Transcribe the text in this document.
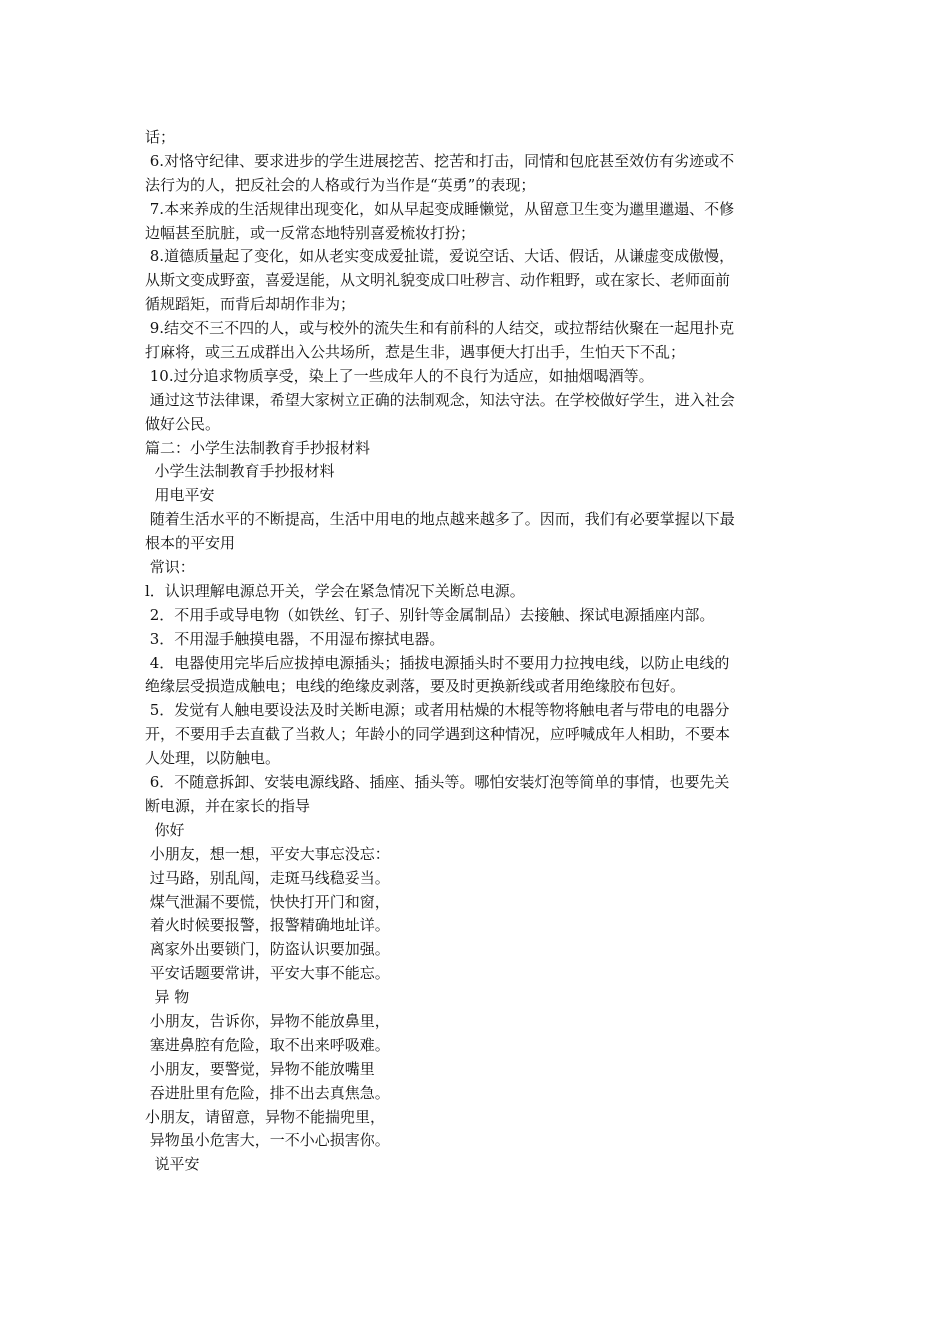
话；

6.对恪守纪律、要求进步的学生进展挖苦、挖苦和打击，同情和包庇甚至效仿有劣迹或不

法行为的人，把反社会的人格或行为当作是“英勇”的表现；

7.本来养成的生活规律出现变化，如从早起变成睡懒觉，从留意卫生变为邋里邋遢、不修

边幅甚至肮脏，或一反常态地特别喜爱梳妆打扮；

8.道德质量起了变化，如从老实变成爱扯谎，爱说空话、大话、假话，从谦虚变成傲慢，

从斯文变成野蛮，喜爱逞能，从文明礼貌变成口吐秽言、动作粗野，或在家长、老师面前

循规蹈矩，而背后却胡作非为；

9.结交不三不四的人，或与校外的流失生和有前科的人结交，或拉帮结伙聚在一起甩扑克

打麻将，或三五成群出入公共场所，惹是生非，遇事便大打出手，生怕天下不乱；

10.过分追求物质享受，染上了一些成年人的不良行为适应，如抽烟喝酒等。

通过这节法律课，希望大家树立正确的法制观念，知法守法。在学校做好学生，进入社会

做好公民。

篇二：小学生法制教育手抄报材料

小学生法制教育手抄报材料

用电平安

随着生活水平的不断提高，生活中用电的地点越来越多了。因而，我们有必要掌握以下最

根本的平安用

常识：

l．认识理解电源总开关，学会在紧急情况下关断总电源。

2．不用手或导电物（如铁丝、钉子、别针等金属制品）去接触、探试电源插座内部。

3．不用湿手触摸电器，不用湿布擦拭电器。

4．电器使用完毕后应拔掉电源插头；插拔电源插头时不要用力拉拽电线，以防止电线的

绝缘层受损造成触电；电线的绝缘皮剥落，要及时更换新线或者用绝缘胶布包好。

5．发觉有人触电要设法及时关断电源；或者用枯燥的木棍等物将触电者与带电的电器分

开，不要用手去直截了当救人；年龄小的同学遇到这种情况，应呼喊成年人相助，不要本

人处理，以防触电。

6．不随意拆卸、安装电源线路、插座、插头等。哪怕安装灯泡等简单的事情，也要先关

断电源，并在家长的指导

你好

小朋友，想一想，平安大事忘没忘：

过马路，别乱闯，走斑马线稳妥当。

煤气泄漏不要慌，快快打开门和窗，

着火时候要报警，报警精确地址详。

离家外出要锁门，防盗认识要加强。

平安话题要常讲，平安大事不能忘。

异 物

小朋友，告诉你，异物不能放鼻里，

塞进鼻腔有危险，取不出来呼吸难。

小朋友，要警觉，异物不能放嘴里

吞进肚里有危险，排不出去真焦急。

小朋友，请留意，异物不能揣兜里，

异物虽小危害大，一不小心损害你。

说平安
